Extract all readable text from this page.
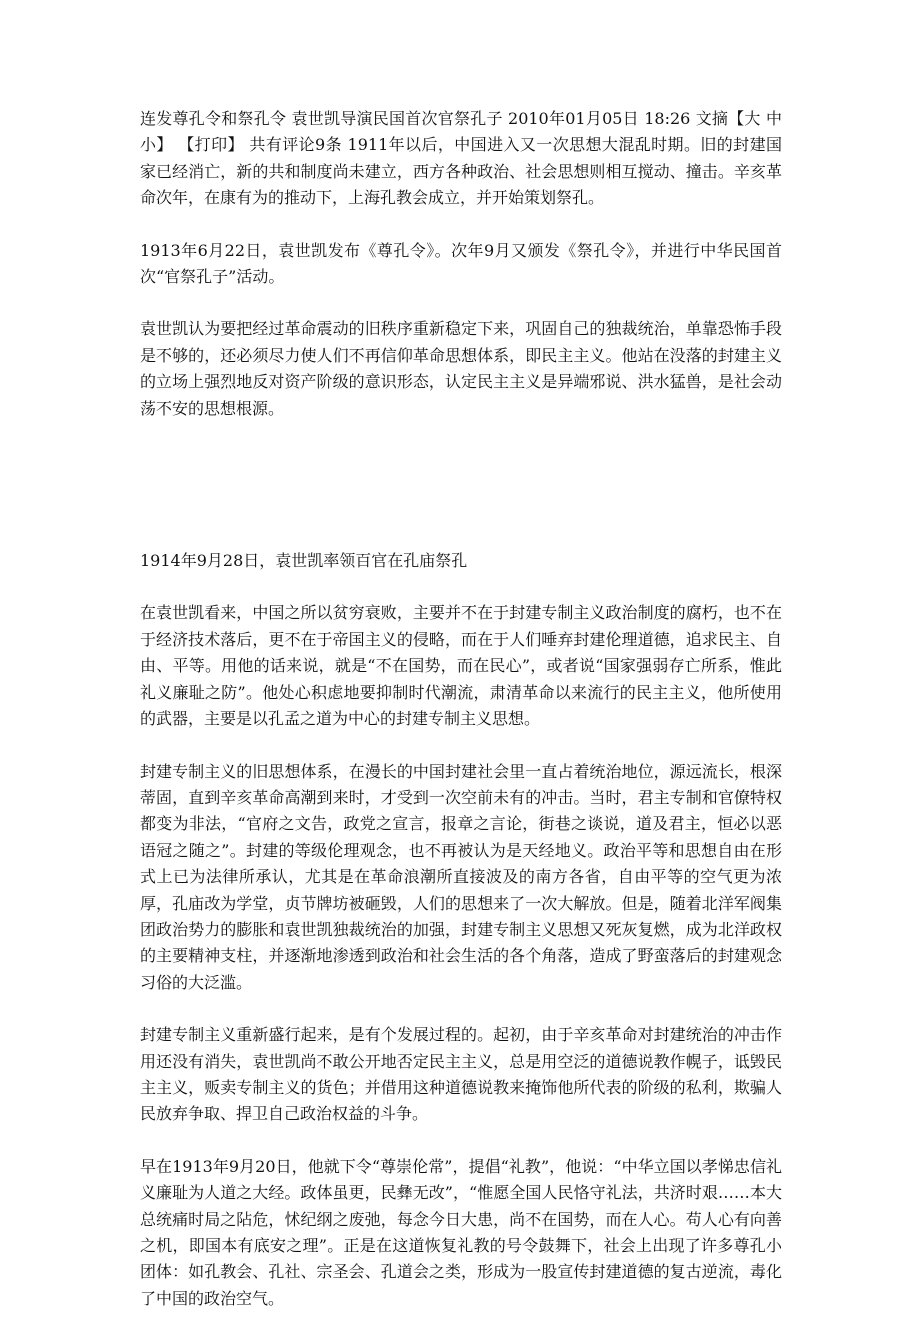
连发尊孔令和祭孔令 袁世凯导演民国首次官祭孔子 2010年01月05日 18:26 文摘【大 中 小】 【打印】 共有评论9条 1911年以后，中国进入又一次思想大混乱时期。旧的封建国家已经消亡，新的共和制度尚未建立，西方各种政治、社会思想则相互搅动、撞击。辛亥革命次年，在康有为的推动下，上海孔教会成立，并开始策划祭孔。

1913年6月22日，袁世凯发布《尊孔令》。次年9月又颁发《祭孔令》，并进行中华民国首次“官祭孔子”活动。

袁世凯认为要把经过革命震动的旧秩序重新稳定下来，巩固自己的独裁统治，单靠恐怖手段是不够的，还必须尽力使人们不再信仰革命思想体系，即民主主义。他站在没落的封建主义的立场上强烈地反对资产阶级的意识形态，认定民主主义是异端邪说、洪水猛兽，是社会动荡不安的思想根源。

1914年9月28日，袁世凯率领百官在孔庙祭孔

在袁世凯看来，中国之所以贫穷衰败，主要并不在于封建专制主义政治制度的腐朽，也不在于经济技术落后，更不在于帝国主义的侵略，而在于人们唾弃封建伦理道德，追求民主、自由、平等。用他的话来说，就是“不在国势，而在民心”，或者说“国家强弱存亡所系，惟此礼义廉耻之防”。他处心积虑地要抑制时代潮流，肃清革命以来流行的民主主义，他所使用的武器，主要是以孔孟之道为中心的封建专制主义思想。

封建专制主义的旧思想体系，在漫长的中国封建社会里一直占着统治地位，源远流长，根深蒂固，直到辛亥革命高潮到来时，才受到一次空前未有的冲击。当时，君主专制和官僚特权都变为非法，“官府之文告，政党之宣言，报章之言论，街巷之谈说，道及君主，恒必以恶语冠之随之”。封建的等级伦理观念，也不再被认为是天经地义。政治平等和思想自由在形式上已为法律所承认，尤其是在革命浪潮所直接波及的南方各省，自由平等的空气更为浓厚，孔庙改为学堂，贞节牌坊被砸毁，人们的思想来了一次大解放。但是，随着北洋军阀集团政治势力的膨胀和袁世凯独裁统治的加强，封建专制主义思想又死灰复燃，成为北洋政权的主要精神支柱，并逐渐地渗透到政治和社会生活的各个角落，造成了野蛮落后的封建观念习俗的大泛滥。

封建专制主义重新盛行起来，是有个发展过程的。起初，由于辛亥革命对封建统治的冲击作用还没有消失，袁世凯尚不敢公开地否定民主主义，总是用空泛的道德说教作幌子，诋毁民主主义，贩卖专制主义的货色；并借用这种道德说教来掩饰他所代表的阶级的私利，欺骗人民放弃争取、捍卫自己政治权益的斗争。

早在1913年9月20日，他就下令“尊崇伦常”，提倡“礼教”，他说：“中华立国以孝悌忠信礼义廉耻为人道之大经。政体虽更，民彝无改”，“惟愿全国人民恪守礼法，共济时艰……本大总统痛时局之阽危，怵纪纲之废弛，每念今日大患，尚不在国势，而在人心。苟人心有向善之机，即国本有底安之理”。正是在这道恢复礼教的号令鼓舞下，社会上出现了许多尊孔小团体：如孔教会、孔社、宗圣会、孔道会之类，形成为一股宣传封建道德的复古逆流，毒化了中国的政治空气。
